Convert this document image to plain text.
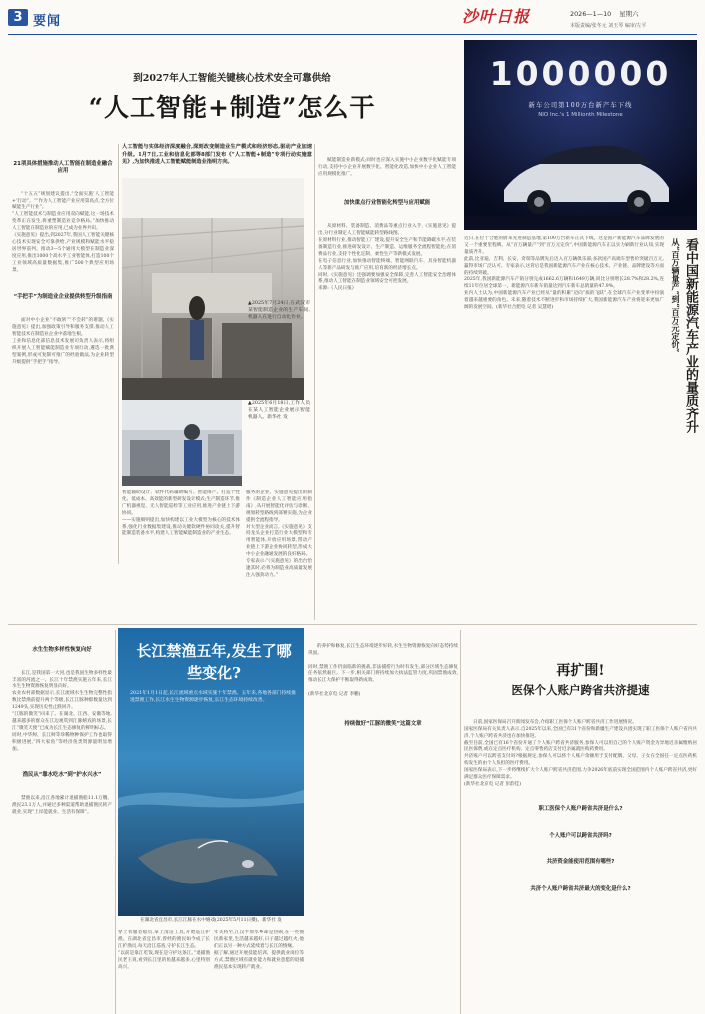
3 要闻	沙叶日报	2026—1—10 星期六
本版责编/张冬元 刘玉琴 编审/左平
到2027年人工智能关键核心技术安全可靠供给
“人工智能+制造”怎么干

21项具体措施推动人工智能在制造业融合应用

“十五五”规划建议提出,“全面实施‘人工智能+’行动”。“”作为人工智能产业应用第高点,全方位赋能生产行业”。
“人工智能技术与制造业应用双向赋能,这一场技术变革正在发生,将重塑制造业竞争格局。”加快推动人工智能在制造业的应用,已成为业界共识。
《实施意见》提出,到2027年,我国人工智能关键核心技术实现安全可靠供给,产业规模和赋能水平稳居世界前列。推动3—5个通用大模型在制造业深度应用,推出1000个高水平工业智能体,打造100个工业领域高质量数据集,推广500个典型应用场景。

“手把手”为制造业企业提供转型升级指南

面对中小企业“不敢转”“不会转”的难题,《实施意见》提出,加强政策引导和服务支撑,推动人工智能技术在制造业企业中落地生根。
工业和信息化部信息技术发展司负责人表示,将组织开展人工智能赋能制造业专项行动,遴选一批典型案例,形成可复制可推广的经验做法,为企业转型升级提供“手把手”指导。

人工智能与实体经济深度融合,深刻改变制造业生产模式和经济形态,驱动产业加速升级。1月7日,工业和信息化部等8部门发布《“人工智能+制造”专项行动实施意见》,为加快推进人工智能赋能制造业指明方向。
▲2025年7月24日,在武汉市某智能制造企业的生产车间,机器人在进行自动化作业。
▲2025年6月18日,工作人员在某人工智能企业展示智能机器人。新华社 发
智能辅助设计、软件代码辅助编写、智能排产、打造个性化、低成本、高效能的新型研发设计模式;生产制造环节,推广机器视觉、无人智能巡检等工业应用,推进产业链上下游协同。
——实施细则提出,加快构建以工业大模型为核心的技术体系,强化行业数据集建设,推动关键软硬件协同攻关,提升智能制造装备水平,构建人工智能赋能制造业的产业生态。
服务的企业、实施意见提出的制作《制造企业人工智能应用指南》,从开展智能化评估与诊断、规划转型路线到部署实施,为企业提供全流程指导。
对大型企业而言,《实施意见》支持龙头企业打造行业大模型和专用智能体,开放应用场景,带动产业链上下游企业协同转型,形成大中小企业融通发展的良好格局。
专家表示:“《实施意见》的出台恰逢其时,必将为制造业高质量发展注入强劲动力。”

赋能制造业新模式;同时也应深入实施中小企业数字化赋能专项行动,支持中小企业开展数字化、智能化改造,加快中小企业人工智能应用规模化推广。

加快重点行业智能化转型与应用赋能

从原材料、装备制造、消费品等重点行业入手,《实施意见》提出,分行业制定人工智能赋能转型路线图。
在原材料行业,推动智能工厂建设,提升安全生产和节能降碳水平;在装备制造行业,推进研发设计、生产制造、运维服务全流程智能化;在消费品行业,支持个性化定制、柔性生产等新模式发展。
在电子信息行业,加快推动智能终端、智能网联汽车、具身智能机器人等新产品研发与推广应用,培育新的经济增长点。
同时,《实施意见》还强调要加强安全保障,完善人工智能安全治理体系,推动人工智能在制造业领域安全可控发展。
来源:《人民日报》

1000000
新车公司第100万台新产车下线
NIO Inc.'s 1 Millionth Milestone
近日,在位于合肥的蔚来先进制造基地,第100万台新车正式下线。这是国产新能源汽车品牌发展的又一个重要里程碑。从“百万辆量产”到“百万元定价”,中国新能源汽车正以实力刷新行业认知,实现量质齐升。
此前,比亚迪、吉利、长安、奇瑞等品牌先后迈入百万辆俱乐部;多款国产高端车型售价突破百万元,赢得市场广泛认可。专家表示,这背后是我国新能源汽车产业在核心技术、产业链、品牌建设等方面的持续突破。
2025年,我国新能源汽车产销分别完成1662.6万辆和1649万辆,同比分别增长28.7%和28.2%,连续11年位居全球第一。新能源汽车新车销量达到汽车新车总销量的47.9%。
业内人士认为,中国新能源汽车产业已经从“量的积累”迈向“质的飞跃”,在全球汽车产业变革中扮演着越来越重要的角色。未来,随着技术不断进步和市场持续扩大,我国新能源汽车产业将迎来更加广阔的发展空间。(新华社合肥电 记者 吴慧珺)	从“百万辆量产”到“百万元定价” 看中国新能源汽车产业的量质齐升

水生生物多样性恢复向好

长江,是我国第一大河,也是我国生物多样性最丰富的河流之一。长江十年禁渔实施五年来,长江水生生物资源恢复明显向好。
农业农村部数据显示,长江流域水生生物完整性指数比禁渔前提升两个等级,长江江豚种群数量达到1249头,实现历史性止跌回升。
“江豚的微笑”回来了。在湖北、江西、安徽等地,越来越多的群众在江边观赏到江豚嬉戏的场景,长江“微笑天使”已成为长江生态修复的鲜明标志。
同时,中华鲟、长江鲟等珍稀物种保护工作也取得积极进展,“四大家鱼”等经济鱼类资源量明显增加。

渔民从“靠水吃水”到“护水兴水”

禁渔以来,沿江各地累计退捕渔船11.1万艘、渔民23.1万人,并通过多种渠道帮助退捕渔民转产就业,实现“上岸能就业、生活有保障”。

长江禁渔五年,发生了哪些变化?
2021年1月1日起,长江流域重点水域实施十年禁渔。五年来,各地各部门持续推进禁渔工作,长江水生生物资源逐步恢复,长江生态环境持续改善。
在湖北省宜昌市,长江江豚在水中嬉戏(2025年5月11日摄)。新华社 发
穿上衣服者船员,拿上清洁工具,开始巡江护渔。在湖北省宜昌市,曾经的渔民如今成了长江护渔员,每天沿江巡查,守护长江生态。
“以前是靠江吃饭,现在是守护这条江。”退捕渔民老王说,看到长江里的鱼越来越多,心里特别高兴。
年关将至,江汉平原水乡却是热闹,在一些渔民新家里,生活越来越好,日子越过越红火,他们正以另一种方式延续着与长江的情缘。
据了解,通过开展技能培训、提供就业岗位等方式,禁渔区域有就业能力和就业意愿的退捕渔民基本实现转产就业。

的养护和修复,长江生态环境逐步好转,水生生物资源恢复向好态势持续巩固。

同时,禁渔工作仍面临新的挑战,非法捕捞行为时有发生,部分区域生态修复任务依然艰巨。下一步,相关部门将持续加大执法监管力度,巩固禁渔成效,推动长江大保护不断取得新成效。

(新华社北京电 记者 李鹏)

持续做好“江豚的微笑”这篇文章

再扩围!
医保个人账户跨省共济提速

日前,国家医保局召开新闻发布会,介绍职工医保个人账户跨省共济工作进展情况。
国家医保局有关负责人表示,自2025年以来,全国已有31个省份和新疆生产建设兵团实现了职工医保个人账户省内共济,个人账户跨省共济也在加快推进。
截至目前,全国已有16个省份开通了个人账户跨省共济服务,参保人可以用自己的个人账户资金为异地近亲属缴纳居民医保费,或在定点医疗机构、定点零售药店支付近亲属就医购药费用。
共济账户可以跨省支付吗?根据规定,参保人可以将个人账户余额用于支付配偶、父母、子女在全国任一定点医药机构发生的由个人负担的医疗费用。
国家医保局表示,下一步将继续扩大个人账户跨省共济范围,力争2026年底前实现全国范围内个人账户跨省共济,更好满足群众医疗保障需求。
(新华社北京电 记者 彭韵佳)

职工医保个人账户跨省共济是什么?

个人账户可以跨省共济吗?

共济资金能使用范围有哪些?

共济个人账户跨省共济最大的变化是什么?
